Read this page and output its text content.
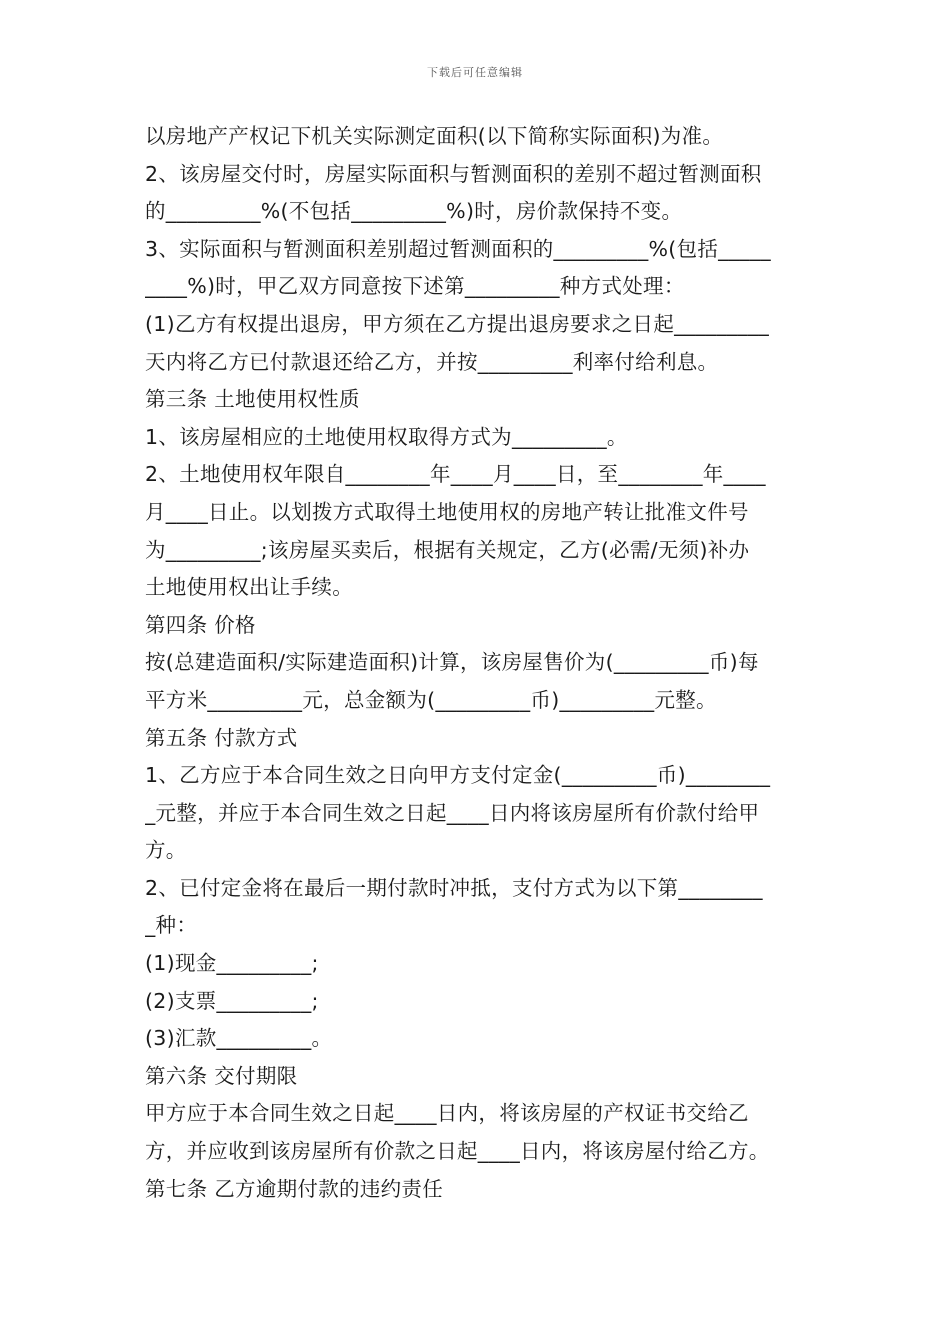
下载后可任意编辑
以房地产产权记下机关实际测定面积(以下简称实际面积)为准。
2、该房屋交付时，房屋实际面积与暂测面积的差别不超过暂测面积
的_________%(不包括_________%)时，房价款保持不变。
3、实际面积与暂测面积差别超过暂测面积的_________%(包括_____
____%)时，甲乙双方同意按下述第_________种方式处理：
(1)乙方有权提出退房，甲方须在乙方提出退房要求之日起_________
天内将乙方已付款退还给乙方，并按_________利率付给利息。
第三条 土地使用权性质
1、该房屋相应的土地使用权取得方式为_________。
2、土地使用权年限自________年____月____日，至________年____
月____日止。以划拨方式取得土地使用权的房地产转让批准文件号
为_________;该房屋买卖后，根据有关规定，乙方(必需/无须)补办
土地使用权出让手续。
第四条 价格
按(总建造面积/实际建造面积)计算，该房屋售价为(_________币)每
平方米_________元，总金额为(_________币)_________元整。
第五条 付款方式
1、乙方应于本合同生效之日向甲方支付定金(_________币)________
_元整，并应于本合同生效之日起____日内将该房屋所有价款付给甲
方。
2、已付定金将在最后一期付款时冲抵，支付方式为以下第________
_种：
(1)现金_________;
(2)支票_________;
(3)汇款_________。
第六条 交付期限
甲方应于本合同生效之日起____日内，将该房屋的产权证书交给乙
方，并应收到该房屋所有价款之日起____日内，将该房屋付给乙方。
第七条 乙方逾期付款的违约责任
